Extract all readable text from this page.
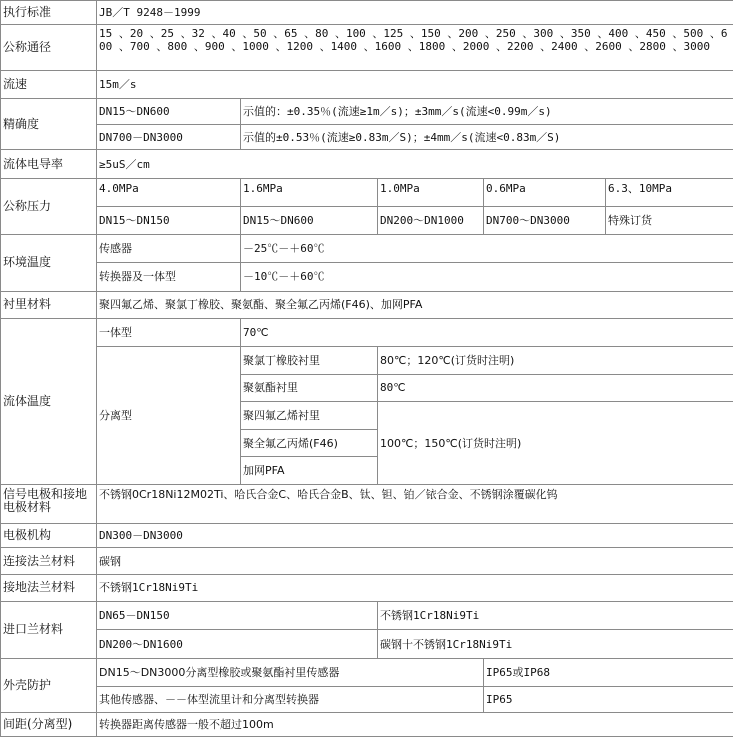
执行标准	JB／T 9248－1999				
公称通径	15 、20 、25 、32 、40 、50 、65 、80 、100 、125 、150 、200 、250 、300 、350 、400 、450 、500 、600 、700 、800 、900 、1000 、1200 、1400 、1600 、1800 、2000 、2200 、2400 、2600 、2800 、3000				
流速	15m／s				
精确度	DN15～DN600	示值的：±0.35％(流速≥1m／s)；±3mm／s(流速<0.99m／s)			
	DN700－DN3000	示值的±0.53％(流速≥0.83m／S)；±4mm／s(流速<0.83m／S)			
流体电导率	≥5uS／cm				
公称压力	4.0MPa	1.6MPa	1.0MPa	0.6MPa	6.3、10MPa
	DN15～DN150	DN15～DN600	DN200～DN1000	DN700～DN3000	特殊订货
环境温度	传感器	－25℃－＋60℃			
	转换器及一体型	－10℃－＋60℃			
衬里材料	聚四氟乙烯、聚氯丁橡胶、聚氨酯、聚全氟乙丙烯(F46)、加网PFA				
流体温度	一体型	70℃			
	分离型	聚氯丁橡胶衬里	80℃；120℃(订货时注明)		
		聚氨酯衬里	80℃		
		聚四氟乙烯衬里	100℃；150℃(订货时注明)		
		聚全氟乙丙烯(F46)			
		加网PFA			
信号电极和接地电极材料	不锈钢0Cr18Ni12M02Ti、哈氏合金C、哈氏合金B、钛、钽、铂／铱合金、不锈钢涂覆碳化钨				
电极机构	DN300－DN3000				
连接法兰材料	碳钢				
接地法兰材料	不锈钢1Cr18Ni9Ti				
进口兰材料	DN65－DN150		不锈钢1Cr18Ni9Ti		
	DN200～DN1600		碳钢十不锈钢1Cr18Ni9Ti		
外壳防护	DN15～DN3000分离型橡胶或聚氨酯衬里传感器			IP65或IP68	
	其他传感器、－－体型流里计和分离型转换器			IP65	
间距(分离型)	转换器距离传感器一般不超过100m				
